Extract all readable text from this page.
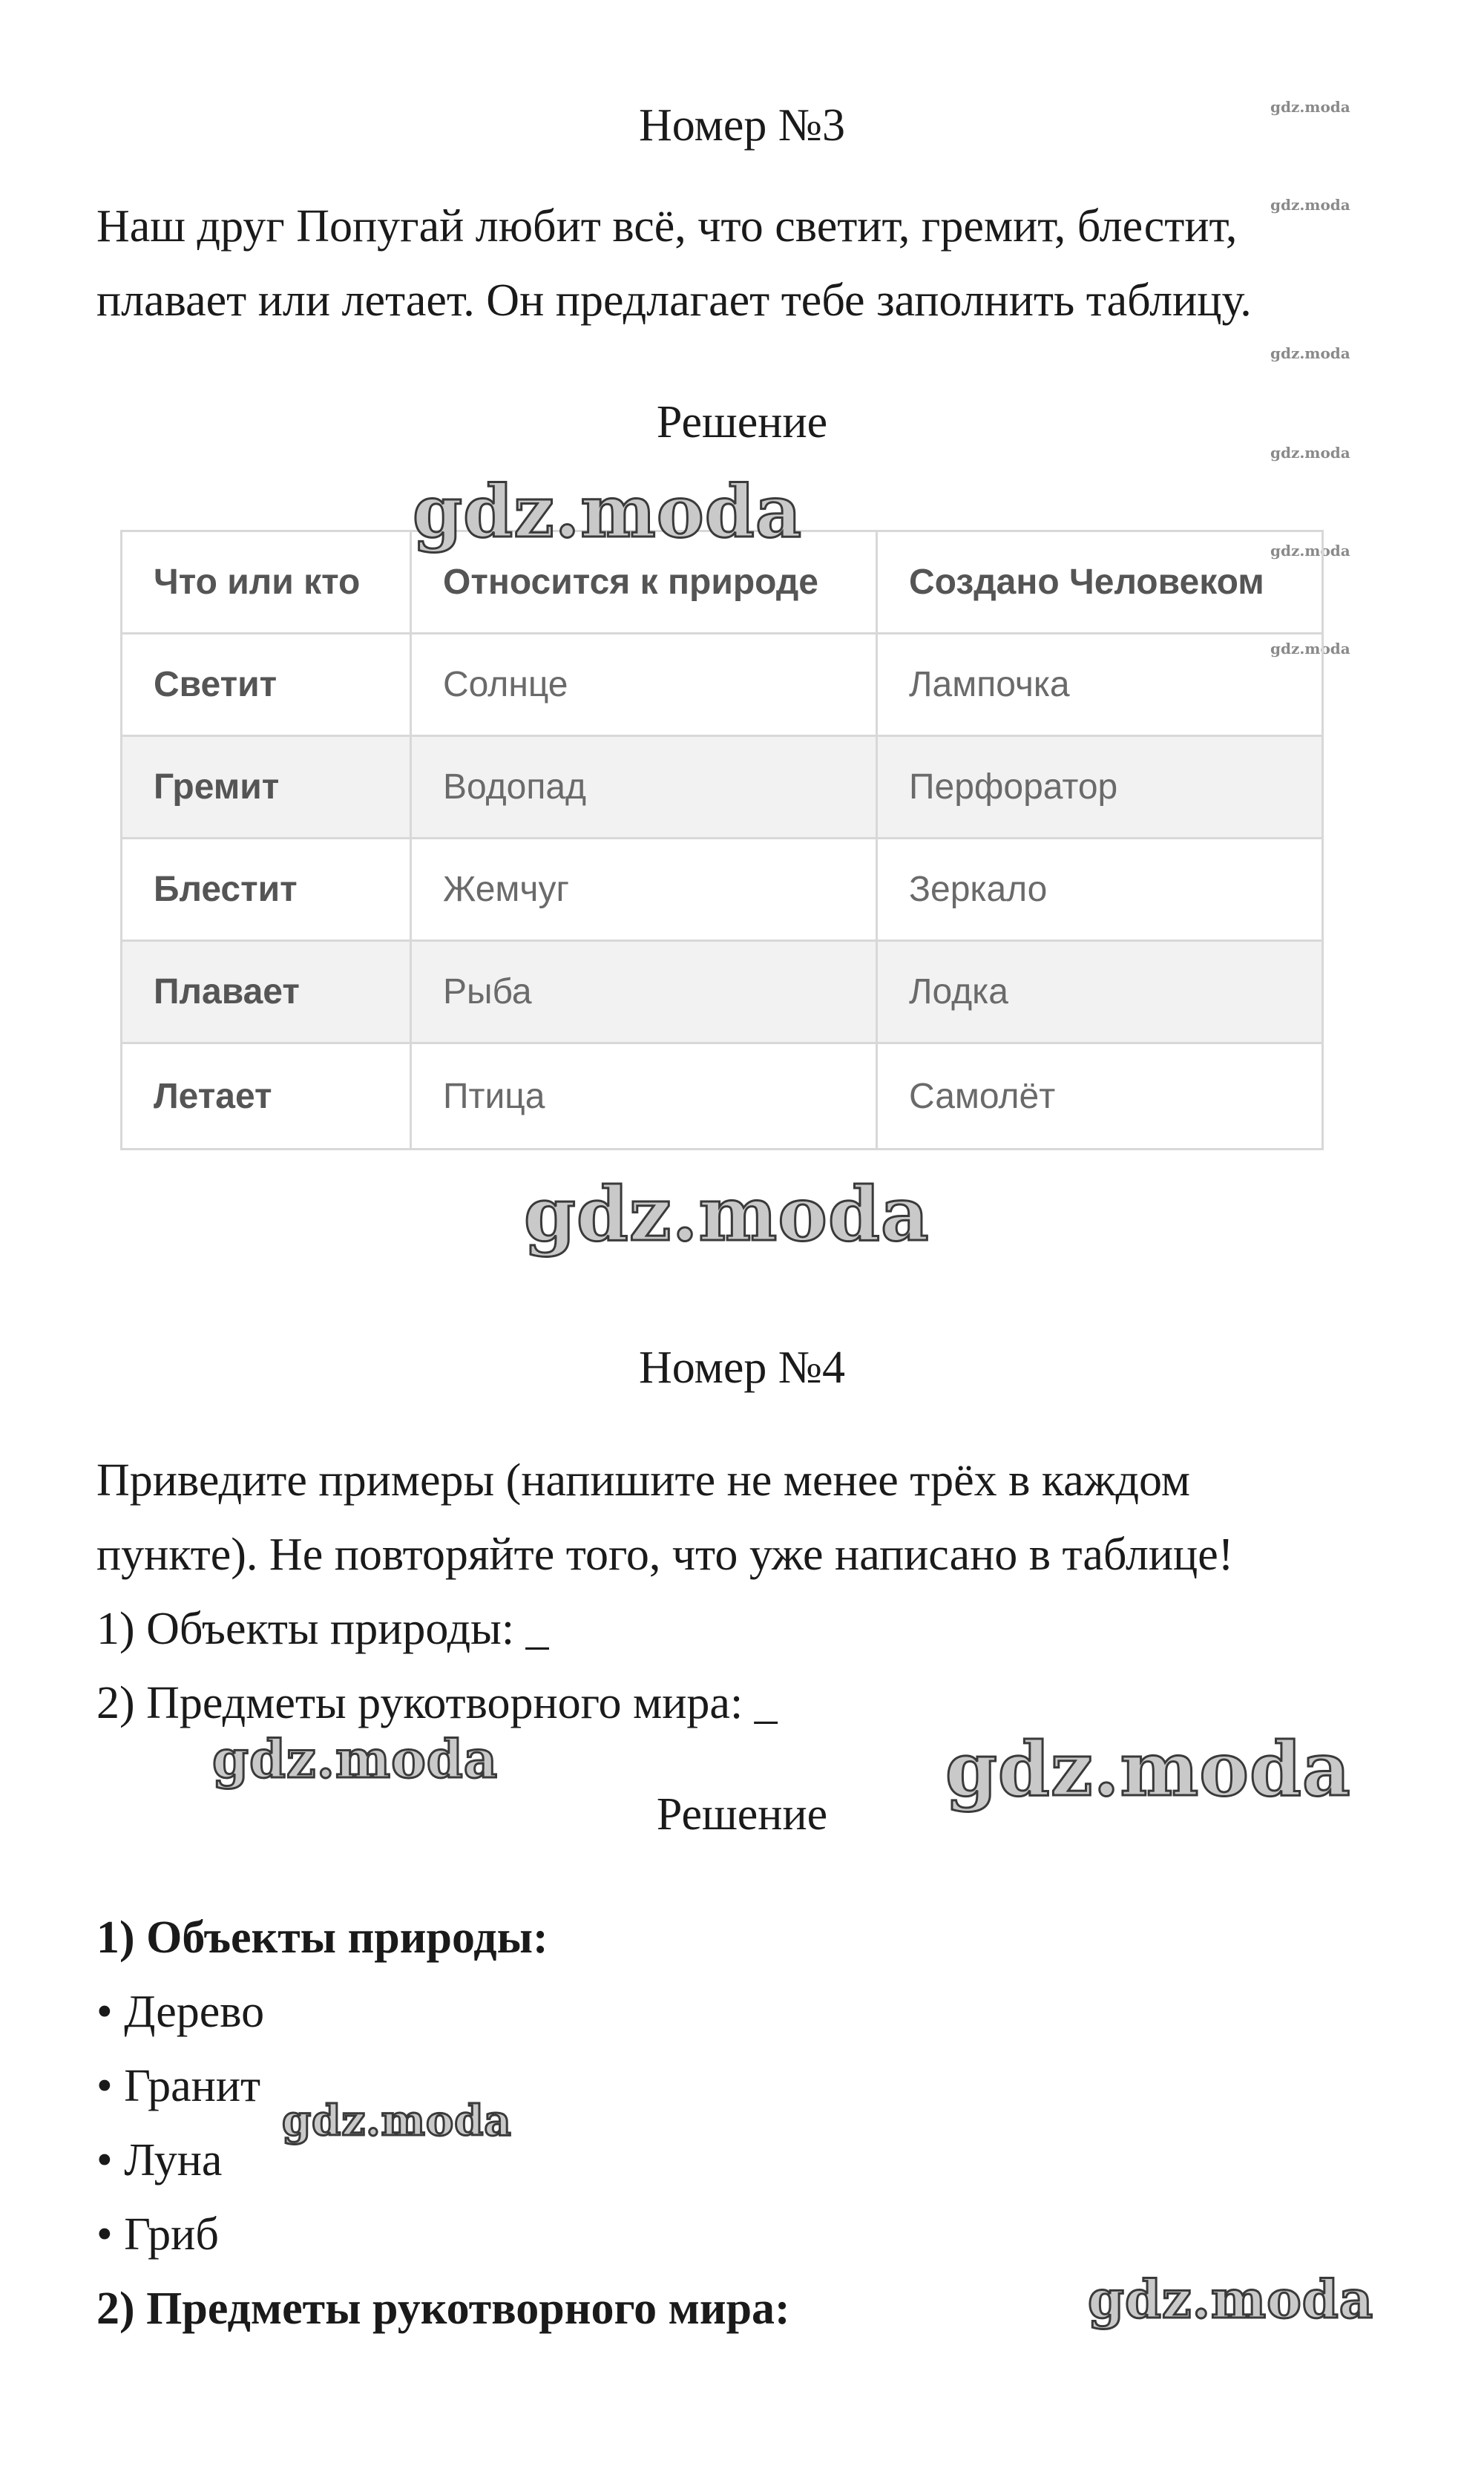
gdz.moda
gdz.moda
gdz.moda
gdz.moda
gdz.moda
gdz.moda
Номер №3
Наш друг Попугай любит всё, что светит, гремит, блестит,
плавает или летает. Он предлагает тебе заполнить таблицу.
Решение
Что или кто	Относится к природе	Создано Человеком
Светит	Солнце	Лампочка
Гремит	Водопад	Перфоратор
Блестит	Жемчуг	Зеркало
Плавает	Рыба	Лодка
Летает	Птица	Самолёт
gdz.moda
gdz.moda
Номер №4
Приведите примеры (напишите не менее трёх в каждом
пункте). Не повторяйте того, что уже написано в таблице!
1) Объекты природы: _
2) Предметы рукотворного мира: _
gdz.moda	gdz.moda
Решение
1) Объекты природы:
• Дерево
• Гранит
• Луна
• Гриб
2) Предметы рукотворного мира:
gdz.moda
gdz.moda
